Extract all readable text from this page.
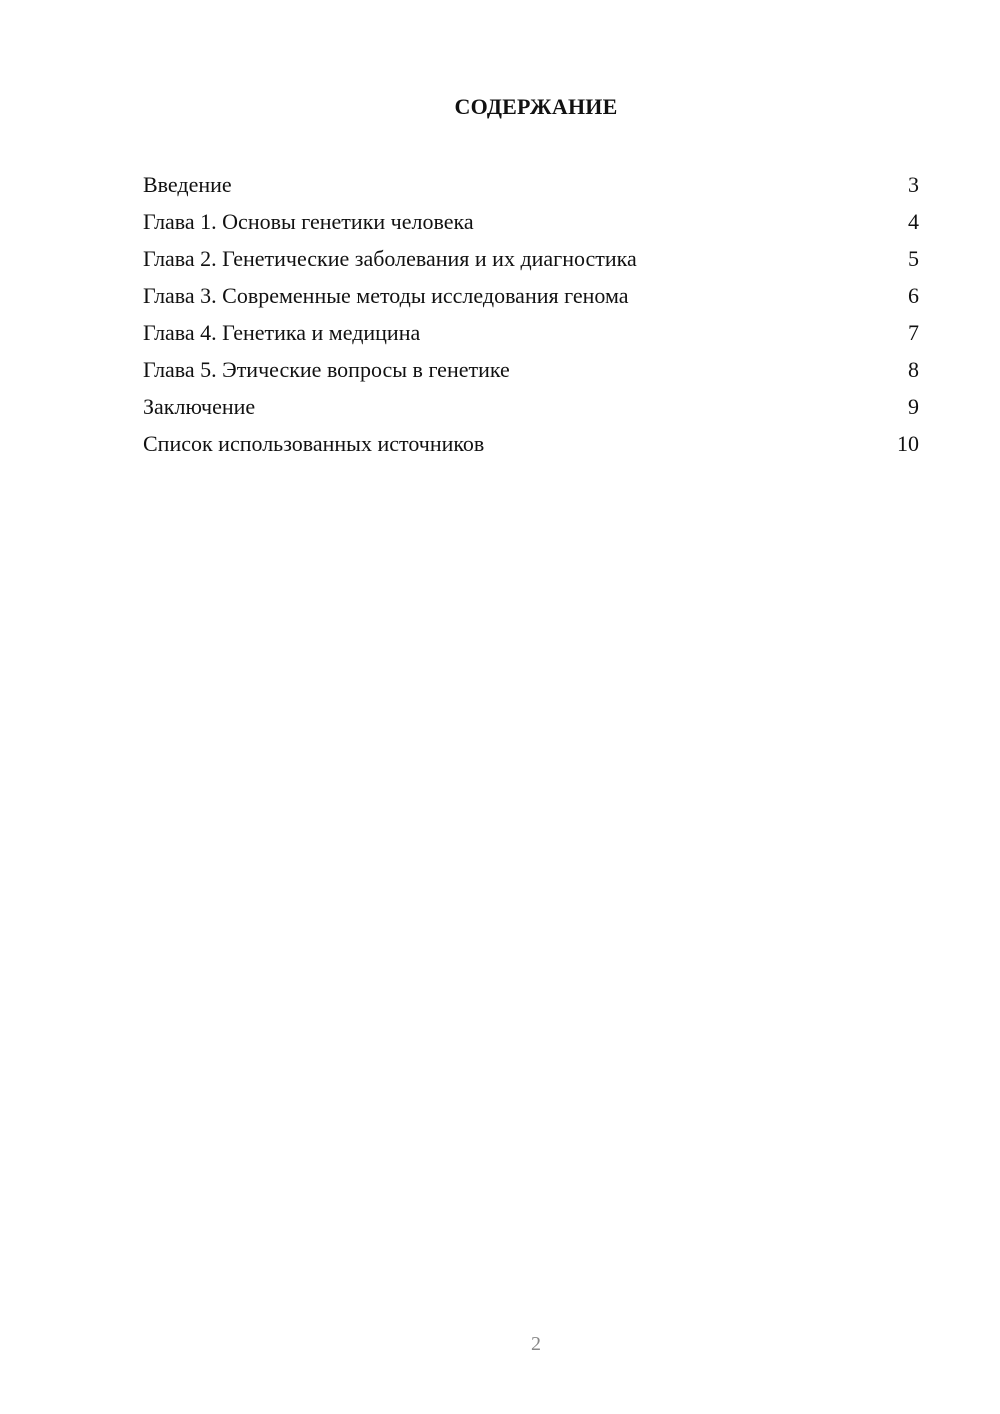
СОДЕРЖАНИЕ
Введение	3
Глава 1. Основы генетики человека	4
Глава 2. Генетические заболевания и их диагностика	5
Глава 3. Современные методы исследования генома	6
Глава 4. Генетика и медицина	7
Глава 5. Этические вопросы в генетике	8
Заключение	9
Список использованных источников	10
2
